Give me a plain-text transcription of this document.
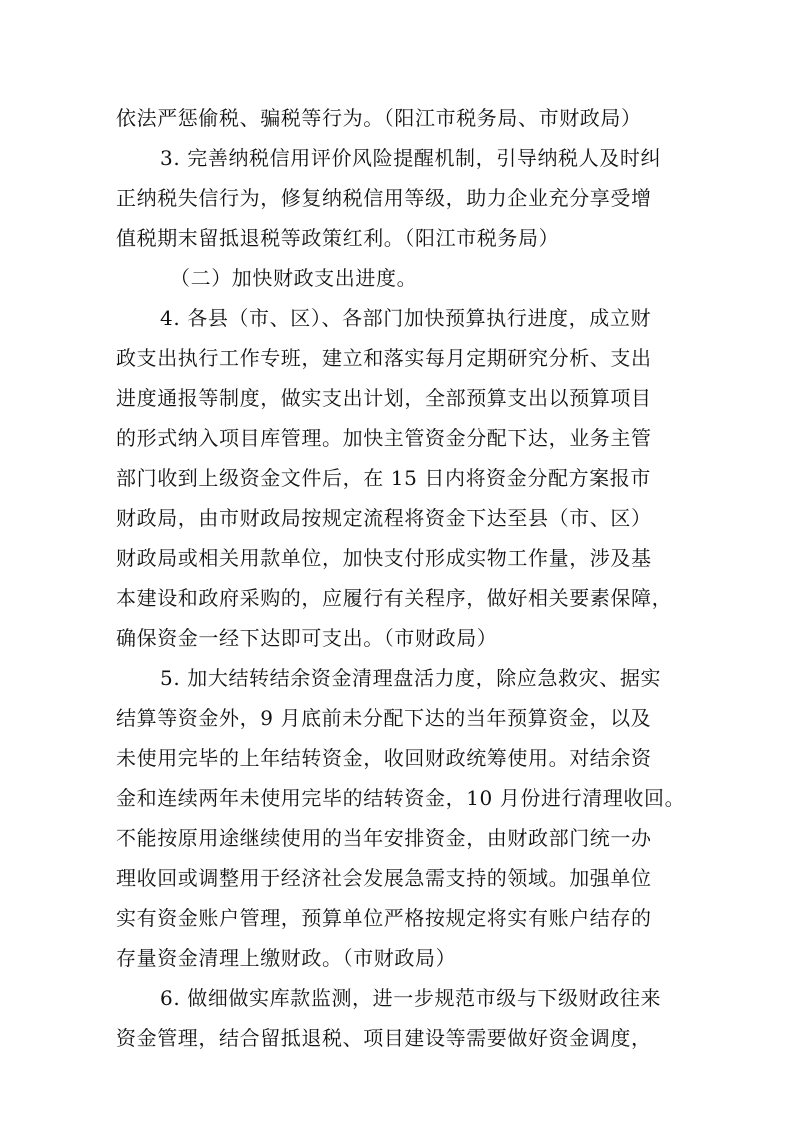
依法严惩偷税、骗税等行为。（阳江市税务局、市财政局）
3. 完善纳税信用评价风险提醒机制，引导纳税人及时纠
正纳税失信行为，修复纳税信用等级，助力企业充分享受增
值税期末留抵退税等政策红利。（阳江市税务局）
（二）加快财政支出进度。
4. 各县（市、区）、各部门加快预算执行进度，成立财
政支出执行工作专班，建立和落实每月定期研究分析、支出
进度通报等制度，做实支出计划，全部预算支出以预算项目
的形式纳入项目库管理。加快主管资金分配下达，业务主管
部门收到上级资金文件后，在 15 日内将资金分配方案报市
财政局，由市财政局按规定流程将资金下达至县（市、区）
财政局或相关用款单位，加快支付形成实物工作量，涉及基
本建设和政府采购的，应履行有关程序，做好相关要素保障，
确保资金一经下达即可支出。（市财政局）
5. 加大结转结余资金清理盘活力度，除应急救灾、据实
结算等资金外，9 月底前未分配下达的当年预算资金，以及
未使用完毕的上年结转资金，收回财政统筹使用。对结余资
金和连续两年未使用完毕的结转资金，10 月份进行清理收回。
不能按原用途继续使用的当年安排资金，由财政部门统一办
理收回或调整用于经济社会发展急需支持的领域。加强单位
实有资金账户管理，预算单位严格按规定将实有账户结存的
存量资金清理上缴财政。（市财政局）
6. 做细做实库款监测，进一步规范市级与下级财政往来
资金管理，结合留抵退税、项目建设等需要做好资金调度，
